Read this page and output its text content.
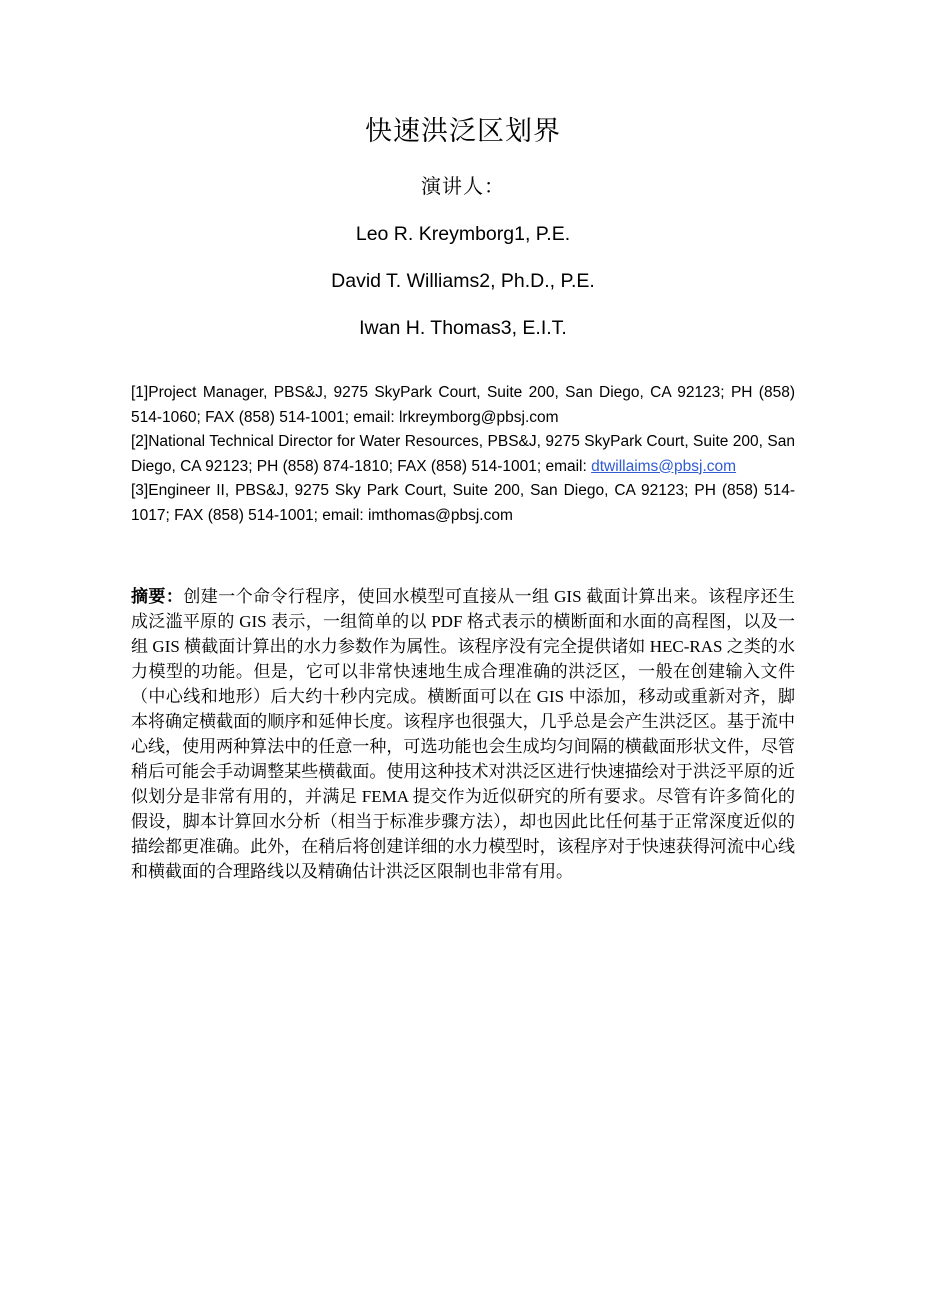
快速洪泛区划界
演讲人：
Leo R. Kreymborg1, P.E.
David T. Williams2, Ph.D., P.E.
Iwan H. Thomas3, E.I.T.

[1]Project Manager, PBS&J, 9275 SkyPark Court, Suite 200, San Diego, CA 92123; PH (858) 514-1060; FAX (858) 514-1001; email: lrkreymborg@pbsj.com

[2]National Technical Director for Water Resources, PBS&J, 9275 SkyPark Court, Suite 200, San Diego, CA 92123; PH (858) 874-1810; FAX (858) 514-1001; email: dtwillaims@pbsj.com

[3]Engineer II, PBS&J, 9275 Sky Park Court, Suite 200, San Diego, CA 92123; PH (858) 514-1017; FAX (858) 514-1001; email: imthomas@pbsj.com

摘要：创建一个命令行程序，使回水模型可直接从一组 GIS 截面计算出来。该程序还生成泛滥平原的 GIS 表示，一组简单的以 PDF 格式表示的横断面和水面的高程图，以及一组 GIS 横截面计算出的水力参数作为属性。该程序没有完全提供诸如 HEC-RAS 之类的水力模型的功能。但是，它可以非常快速地生成合理准确的洪泛区，一般在创建输入文件（中心线和地形）后大约十秒内完成。横断面可以在 GIS 中添加，移动或重新对齐，脚本将确定横截面的顺序和延伸长度。该程序也很强大，几乎总是会产生洪泛区。基于流中心线，使用两种算法中的任意一种，可选功能也会生成均匀间隔的横截面形状文件，尽管稍后可能会手动调整某些横截面。使用这种技术对洪泛区进行快速描绘对于洪泛平原的近似划分是非常有用的，并满足 FEMA 提交作为近似研究的所有要求。尽管有许多简化的假设，脚本计算回水分析（相当于标准步骤方法），却也因此比任何基于正常深度近似的描绘都更准确。此外，在稍后将创建详细的水力模型时，该程序对于快速获得河流中心线和横截面的合理路线以及精确估计洪泛区限制也非常有用。
